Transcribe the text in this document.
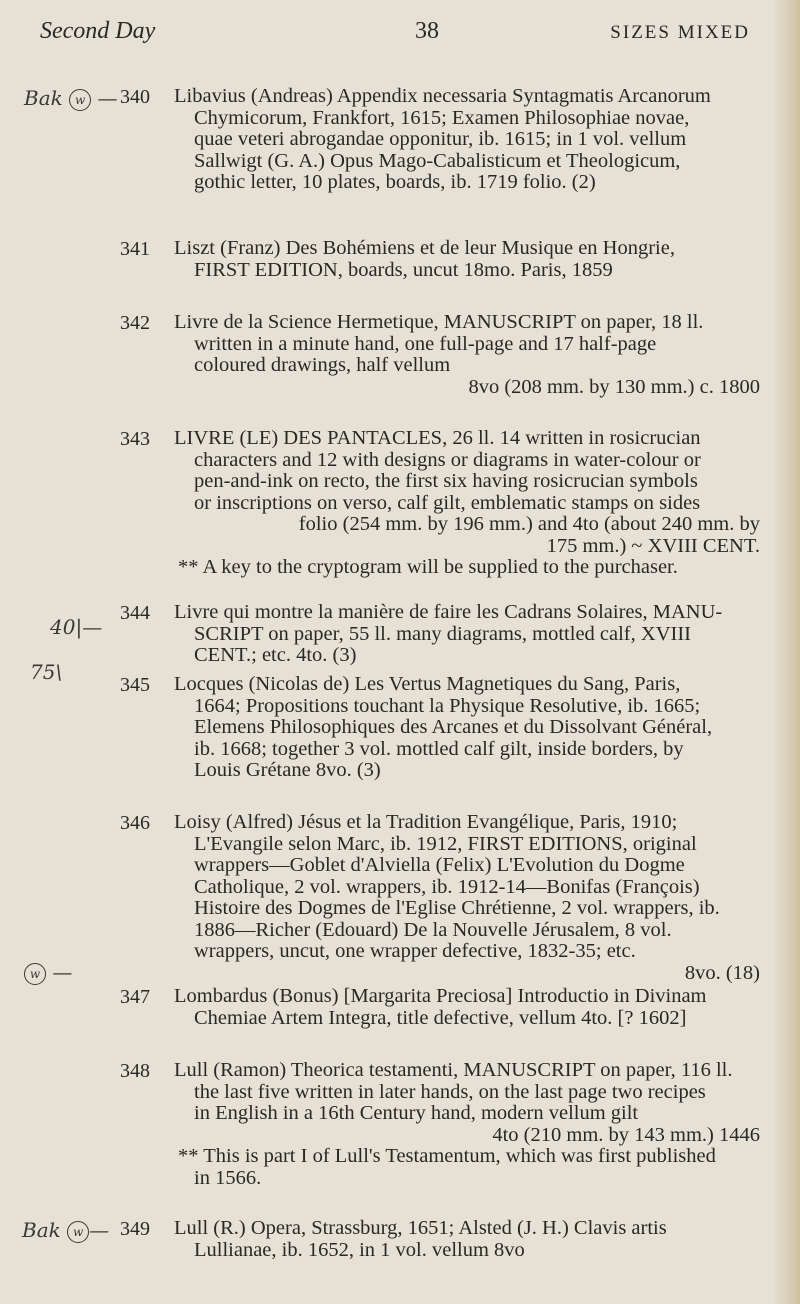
Second Day	38	SIZES MIXED
Bak w —
40|—
75\
w —
Bak w —
340 Libavius (Andreas) Appendix necessaria Syntagmatis Arcanorum
Chymicorum, Frankfort, 1615; Examen Philosophiae novae,
quae veteri abrogandae opponitur, ib. 1615; in 1 vol. vellum
Sallwigt (G. A.) Opus Mago-Cabalisticum et Theologicum,
gothic letter, 10 plates, boards, ib. 1719 folio. (2)
341 Liszt (Franz) Des Bohémiens et de leur Musique en Hongrie,
FIRST EDITION, boards, uncut 18mo. Paris, 1859
342 Livre de la Science Hermetique, MANUSCRIPT on paper, 18 ll.
written in a minute hand, one full-page and 17 half-page
coloured drawings, half vellum
8vo (208 mm. by 130 mm.) c. 1800
343 LIVRE (LE) DES PANTACLES, 26 ll. 14 written in rosicrucian
characters and 12 with designs or diagrams in water-colour or
pen-and-ink on recto, the first six having rosicrucian symbols
or inscriptions on verso, calf gilt, emblematic stamps on sides
folio (254 mm. by 196 mm.) and 4to (about 240 mm. by
175 mm.) ~ XVIII CENT.
** A key to the cryptogram will be supplied to the purchaser.
344 Livre qui montre la manière de faire les Cadrans Solaires, MANU-
SCRIPT on paper, 55 ll. many diagrams, mottled calf, XVIII
CENT.; etc. 4to. (3)
345 Locques (Nicolas de) Les Vertus Magnetiques du Sang, Paris,
1664; Propositions touchant la Physique Resolutive, ib. 1665;
Elemens Philosophiques des Arcanes et du Dissolvant Général,
ib. 1668; together 3 vol. mottled calf gilt, inside borders, by
Louis Grétane 8vo. (3)
346 Loisy (Alfred) Jésus et la Tradition Evangélique, Paris, 1910;
L'Evangile selon Marc, ib. 1912, FIRST EDITIONS, original
wrappers—Goblet d'Alviella (Felix) L'Evolution du Dogme
Catholique, 2 vol. wrappers, ib. 1912-14—Bonifas (François)
Histoire des Dogmes de l'Eglise Chrétienne, 2 vol. wrappers, ib.
1886—Richer (Edouard) De la Nouvelle Jérusalem, 8 vol.
wrappers, uncut, one wrapper defective, 1832-35; etc.
8vo. (18)
347 Lombardus (Bonus) [Margarita Preciosa] Introductio in Divinam
Chemiae Artem Integra, title defective, vellum 4to. [? 1602]
348 Lull (Ramon) Theorica testamenti, MANUSCRIPT on paper, 116 ll.
the last five written in later hands, on the last page two recipes
in English in a 16th Century hand, modern vellum gilt
4to (210 mm. by 143 mm.) 1446
** This is part I of Lull's Testamentum, which was first published
in 1566.
349 Lull (R.) Opera, Strassburg, 1651; Alsted (J. H.) Clavis artis
Lullianae, ib. 1652, in 1 vol. vellum 8vo
